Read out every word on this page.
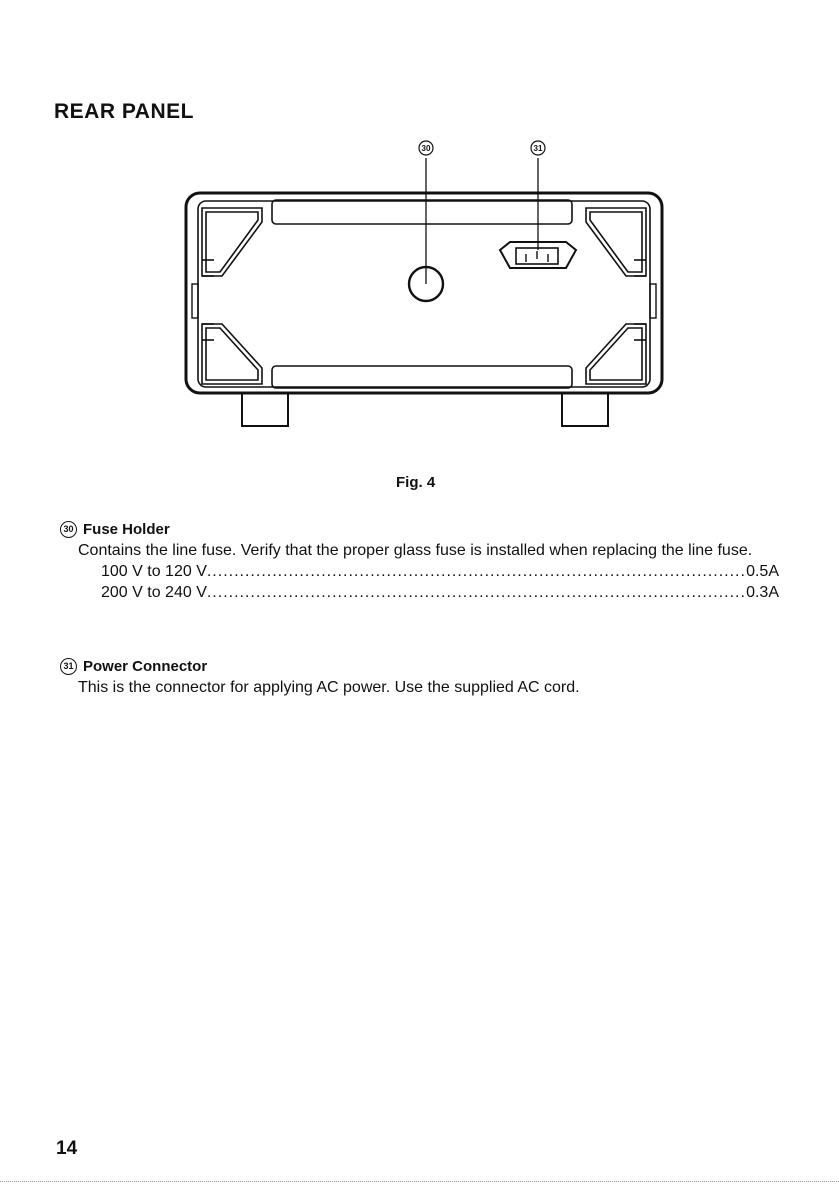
REAR PANEL
30	31
Fig. 4
30 Fuse Holder
Contains the line fuse. Verify that the proper glass fuse is installed when replacing the line fuse.
100 V to 120 V .....	0.5A
200 V to 240 V .....	0.3A
31 Power Connector
This is the connector for applying AC power. Use the supplied AC cord.
14
